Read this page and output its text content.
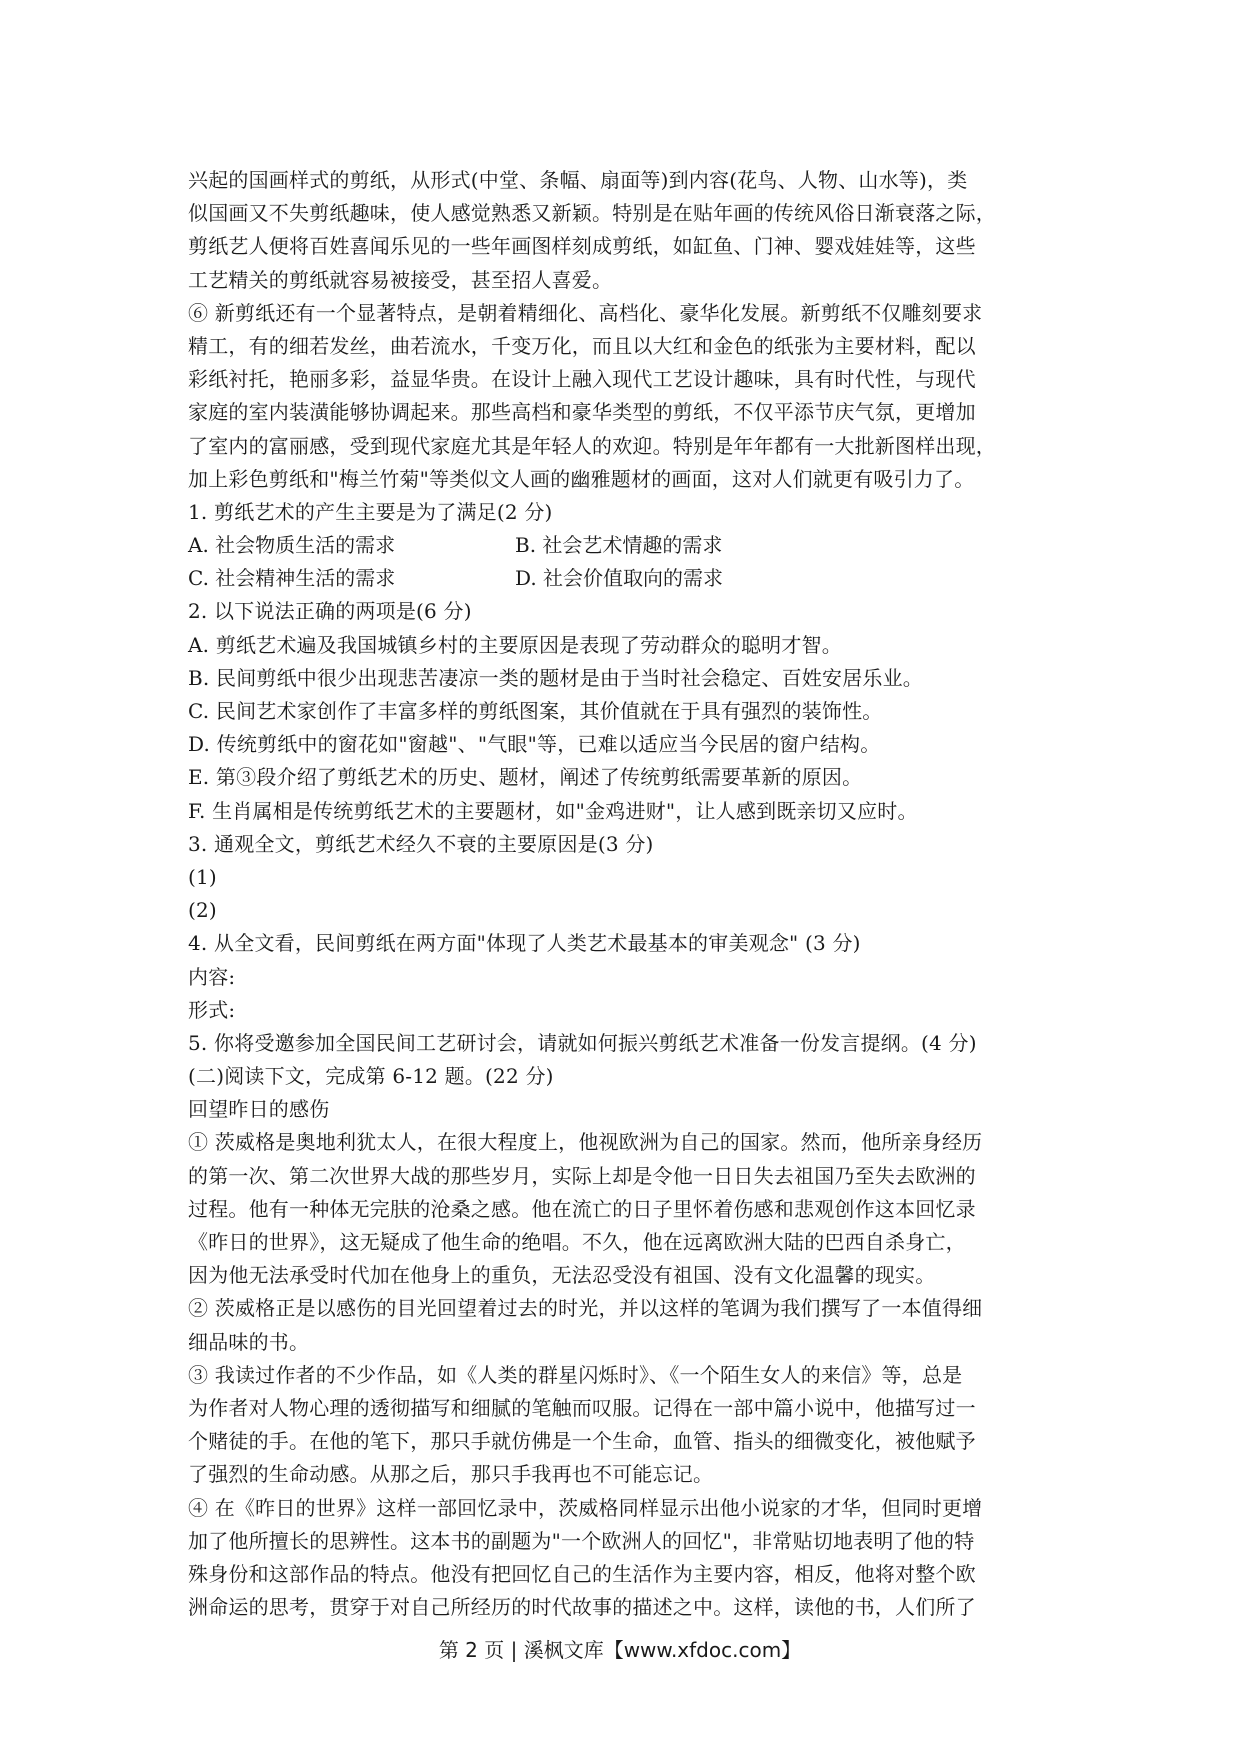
兴起的国画样式的剪纸，从形式(中堂、条幅、扇面等)到内容(花鸟、人物、山水等)，类
似国画又不失剪纸趣味，使人感觉熟悉又新颖。特别是在贴年画的传统风俗日渐衰落之际，
剪纸艺人便将百姓喜闻乐见的一些年画图样刻成剪纸，如缸鱼、门神、婴戏娃娃等，这些
工艺精关的剪纸就容易被接受，甚至招人喜爱。
⑥ 新剪纸还有一个显著特点，是朝着精细化、高档化、豪华化发展。新剪纸不仅雕刻要求
精工，有的细若发丝，曲若流水，千变万化，而且以大红和金色的纸张为主要材料，配以
彩纸衬托，艳丽多彩，益显华贵。在设计上融入现代工艺设计趣味，具有时代性，与现代
家庭的室内装潢能够协调起来。那些高档和豪华类型的剪纸，不仅平添节庆气氛，更增加
了室内的富丽感，受到现代家庭尤其是年轻人的欢迎。特别是年年都有一大批新图样出现，
加上彩色剪纸和"梅兰竹菊"等类似文人画的幽雅题材的画面，这对人们就更有吸引力了。
1. 剪纸艺术的产生主要是为了满足(2 分)
A. 社会物质生活的需求	B. 社会艺术情趣的需求
C. 社会精神生活的需求	D. 社会价值取向的需求
2. 以下说法正确的两项是(6 分)
A. 剪纸艺术遍及我国城镇乡村的主要原因是表现了劳动群众的聪明才智。
B. 民间剪纸中很少出现悲苦凄凉一类的题材是由于当时社会稳定、百姓安居乐业。
C. 民间艺术家创作了丰富多样的剪纸图案，其价值就在于具有强烈的装饰性。
D. 传统剪纸中的窗花如"窗越"、"气眼"等，已难以适应当今民居的窗户结构。
E. 第③段介绍了剪纸艺术的历史、题材，阐述了传统剪纸需要革新的原因。
F. 生肖属相是传统剪纸艺术的主要题材，如"金鸡进财"，让人感到既亲切又应时。
3. 通观全文，剪纸艺术经久不衰的主要原因是(3 分)
(1)
(2)
4. 从全文看，民间剪纸在两方面"体现了人类艺术最基本的审美观念" (3 分)
内容:
形式:
5. 你将受邀参加全国民间工艺研讨会，请就如何振兴剪纸艺术准备一份发言提纲。(4 分)
(二)阅读下文，完成第 6-12 题。(22 分)
回望昨日的感伤
① 茨威格是奥地利犹太人，在很大程度上，他视欧洲为自己的国家。然而，他所亲身经历
的第一次、第二次世界大战的那些岁月，实际上却是令他一日日失去祖国乃至失去欧洲的
过程。他有一种体无完肤的沧桑之感。他在流亡的日子里怀着伤感和悲观创作这本回忆录
《昨日的世界》，这无疑成了他生命的绝唱。不久，他在远离欧洲大陆的巴西自杀身亡，
因为他无法承受时代加在他身上的重负，无法忍受没有祖国、没有文化温馨的现实。
② 茨威格正是以感伤的目光回望着过去的时光，并以这样的笔调为我们撰写了一本值得细
细品味的书。
③ 我读过作者的不少作品，如《人类的群星闪烁时》、《一个陌生女人的来信》等，总是
为作者对人物心理的透彻描写和细腻的笔触而叹服。记得在一部中篇小说中，他描写过一
个赌徒的手。在他的笔下，那只手就仿佛是一个生命，血管、指头的细微变化，被他赋予
了强烈的生命动感。从那之后，那只手我再也不可能忘记。
④ 在《昨日的世界》这样一部回忆录中，茨威格同样显示出他小说家的才华，但同时更增
加了他所擅长的思辨性。这本书的副题为"一个欧洲人的回忆"，非常贴切地表明了他的特
殊身份和这部作品的特点。他没有把回忆自己的生活作为主要内容，相反，他将对整个欧
洲命运的思考，贯穿于对自己所经历的时代故事的描述之中。这样，读他的书，人们所了
第 2 页 | 溪枫文库【www.xfdoc.com】
